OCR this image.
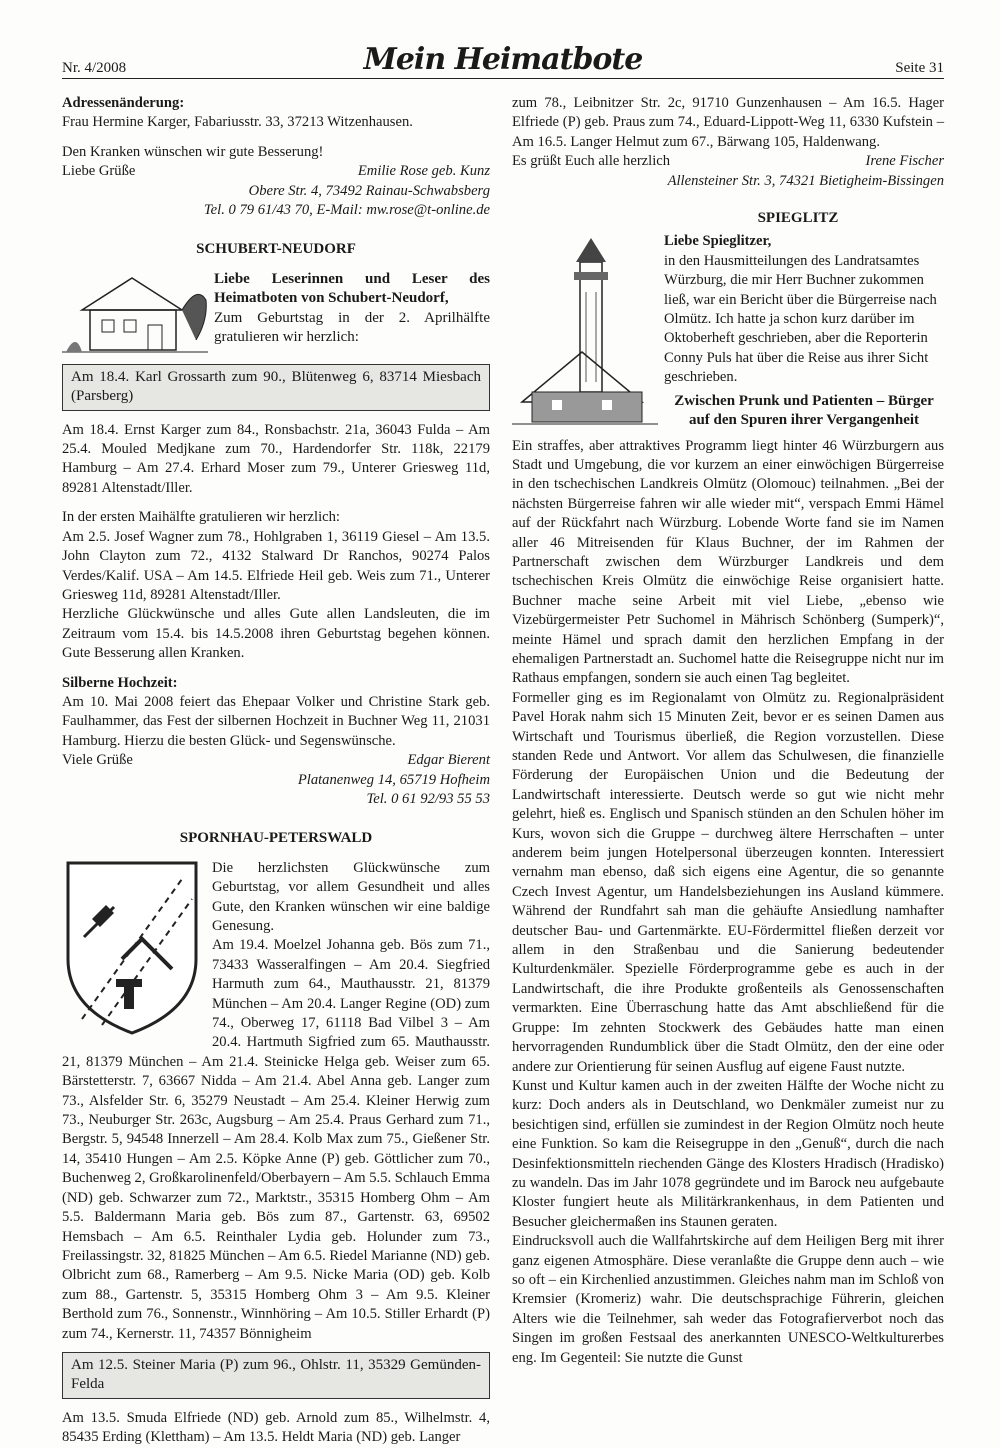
Nr. 4/2008	Mein Heimatbote	Seite 31

Adressenänderung:

Frau Hermine Karger, Fabariusstr. 33, 37213 Witzenhausen.

Den Kranken wünschen wir gute Besserung!

Liebe Grüße	Emilie Rose geb. Kunz

Obere Str. 4, 73492 Rainau-Schwabsberg

Tel. 0 79 61/43 70, E-Mail: mw.rose@t-online.de

SCHUBERT-NEUDORF

Liebe Leserinnen und Leser des Heimatboten von Schubert-Neudorf,

Zum Geburtstag in der 2. Aprilhälfte gratulieren wir herzlich:

Am 18.4. Karl Grossarth zum 90., Blütenweg 6, 83714 Miesbach (Parsberg)

Am 18.4. Ernst Karger zum 84., Ronsbachstr. 21a, 36043 Fulda – Am 25.4. Mouled Medjkane zum 70., Hardendorfer Str. 118k, 22179 Hamburg – Am 27.4. Erhard Moser zum 79., Unterer Griesweg 11d, 89281 Altenstadt/Iller.

In der ersten Maihälfte gratulieren wir herzlich:

Am 2.5. Josef Wagner zum 78., Hohlgraben 1, 36119 Giesel – Am 13.5. John Clayton zum 72., 4132 Stalward Dr Ranchos, 90274 Palos Verdes/Kalif. USA – Am 14.5. Elfriede Heil geb. Weis zum 71., Unterer Griesweg 11d, 89281 Altenstadt/Iller.

Herzliche Glückwünsche und alles Gute allen Landsleuten, die im Zeitraum vom 15.4. bis 14.5.2008 ihren Geburtstag begehen können. Gute Besserung allen Kranken.

Silberne Hochzeit:

Am 10. Mai 2008 feiert das Ehepaar Volker und Christine Stark geb. Faulhammer, das Fest der silbernen Hochzeit in Buchner Weg 11, 21031 Hamburg. Hierzu die besten Glück- und Segenswünsche.

Viele Grüße	Edgar Bierent

Platanenweg 14, 65719 Hofheim

Tel. 0 61 92/93 55 53

SPORNHAU-PETERSWALD

Die herzlichsten Glückwünsche zum Geburtstag, vor allem Gesundheit und alles Gute, den Kranken wünschen wir eine baldige Genesung.

Am 19.4. Moelzel Johanna geb. Bös zum 71., 73433 Wasseralfingen – Am 20.4. Siegfried Harmuth zum 64., Mauthausstr. 21, 81379 München – Am 20.4. Langer Regine (OD) zum 74., Oberweg 17, 61118 Bad Vilbel 3 – Am 20.4. Hartmuth Sigfried zum 65. Mauthausstr. 21, 81379 München – Am 21.4. Steinicke Helga geb. Weiser zum 65. Bärstetterstr. 7, 63667 Nidda – Am 21.4. Abel Anna geb. Langer zum 73., Alsfelder Str. 6, 35279 Neustadt – Am 25.4. Kleiner Herwig zum 73., Neuburger Str. 263c, Augsburg – Am 25.4. Praus Gerhard zum 71., Bergstr. 5, 94548 Innerzell – Am 28.4. Kolb Max zum 75., Gießener Str. 14, 35410 Hungen – Am 2.5. Köpke Anne (P) geb. Göttlicher zum 70., Buchenweg 2, Großkarolinenfeld/Oberbayern – Am 5.5. Schlauch Emma (ND) geb. Schwarzer zum 72., Marktstr., 35315 Homberg Ohm – Am 5.5. Baldermann Maria geb. Bös zum 87., Gartenstr. 63, 69502 Hemsbach – Am 6.5. Reinthaler Lydia geb. Holunder zum 73., Freilassingstr. 32, 81825 München – Am 6.5. Riedel Marianne (ND) geb. Olbricht zum 68., Ramerberg – Am 9.5. Nicke Maria (OD) geb. Kolb zum 88., Gartenstr. 5, 35315 Homberg Ohm 3 – Am 9.5. Kleiner Berthold zum 76., Sonnenstr., Winnhöring – Am 10.5. Stiller Erhardt (P) zum 74., Kernerstr. 11, 74357 Bönnigheim

Am 12.5. Steiner Maria (P) zum 96., Ohlstr. 11, 35329 Gemünden-Felda

Am 13.5. Smuda Elfriede (ND) geb. Arnold zum 85., Wilhelmstr. 4, 85435 Erding (Klettham) – Am 13.5. Heldt Maria (ND) geb. Langer

zum 78., Leibnitzer Str. 2c, 91710 Gunzenhausen – Am 16.5. Hager Elfriede (P) geb. Praus zum 74., Eduard-Lippott-Weg 11, 6330 Kufstein – Am 16.5. Langer Helmut zum 67., Bärwang 105, Haldenwang.

Es grüßt Euch alle herzlich	Irene Fischer

Allensteiner Str. 3, 74321 Bietigheim-Bissingen

SPIEGLITZ

Liebe Spieglitzer,

in den Hausmitteilungen des Landratsamtes Würzburg, die mir Herr Buchner zukommen ließ, war ein Bericht über die Bürgerreise nach Olmütz. Ich hatte ja schon kurz darüber im Oktoberheft geschrieben, aber die Reporterin Conny Puls hat über die Reise aus ihrer Sicht geschrieben.

Zwischen Prunk und Patienten – Bürger auf den Spuren ihrer Vergangenheit

Ein straffes, aber attraktives Programm liegt hinter 46 Würzburgern aus Stadt und Umgebung, die vor kurzem an einer einwöchigen Bürgerreise in den tschechischen Landkreis Olmütz (Olomouc) teilnahmen. „Bei der nächsten Bürgerreise fahren wir alle wieder mit“, verspach Emmi Hämel auf der Rückfahrt nach Würzburg. Lobende Worte fand sie im Namen aller 46 Mitreisenden für Klaus Buchner, der im Rahmen der Partnerschaft zwischen dem Würzburger Landkreis und dem tschechischen Kreis Olmütz die einwöchige Reise organisiert hatte. Buchner mache seine Arbeit mit viel Liebe, „ebenso wie Vizebürgermeister Petr Suchomel in Mährisch Schönberg (Sumperk)“, meinte Hämel und sprach damit den herzlichen Empfang in der ehemaligen Partnerstadt an. Suchomel hatte die Reisegruppe nicht nur im Rathaus empfangen, sondern sie auch einen Tag begleitet.

Formeller ging es im Regionalamt von Olmütz zu. Regionalpräsident Pavel Horak nahm sich 15 Minuten Zeit, bevor er es seinen Damen aus Wirtschaft und Tourismus überließ, die Region vorzustellen. Diese standen Rede und Antwort. Vor allem das Schulwesen, die finanzielle Förderung der Europäischen Union und die Bedeutung der Landwirtschaft interessierte. Deutsch werde so gut wie nicht mehr gelehrt, hieß es. Englisch und Spanisch stünden an den Schulen höher im Kurs, wovon sich die Gruppe – durchweg ältere Herrschaften – unter anderem beim jungen Hotelpersonal überzeugen konnten. Interessiert vernahm man ebenso, daß sich eigens eine Agentur, die so genannte Czech Invest Agentur, um Handelsbeziehungen ins Ausland kümmere. Während der Rundfahrt sah man die gehäufte Ansiedlung namhafter deutscher Bau- und Gartenmärkte. EU-Fördermittel fließen derzeit vor allem in den Straßenbau und die Sanierung bedeutender Kulturdenkmäler. Spezielle Förderprogramme gebe es auch in der Landwirtschaft, die ihre Produkte großenteils als Genossenschaften vermarkten. Eine Überraschung hatte das Amt abschließend für die Gruppe: Im zehnten Stockwerk des Gebäudes hatte man einen hervorragenden Rundumblick über die Stadt Olmütz, den der eine oder andere zur Orientierung für seinen Ausflug auf eigene Faust nutzte.

Kunst und Kultur kamen auch in der zweiten Hälfte der Woche nicht zu kurz: Doch anders als in Deutschland, wo Denkmäler zumeist nur zu besichtigen sind, erfüllen sie zumindest in der Region Olmütz noch heute eine Funktion. So kam die Reisegruppe in den „Genuß“, durch die nach Desinfektionsmitteln riechenden Gänge des Klosters Hradisch (Hradisko) zu wandeln. Das im Jahr 1078 gegründete und im Barock neu aufgebaute Kloster fungiert heute als Militärkrankenhaus, in dem Patienten und Besucher gleichermaßen ins Staunen geraten.

Eindrucksvoll auch die Wallfahrtskirche auf dem Heiligen Berg mit ihrer ganz eigenen Atmosphäre. Diese veranlaßte die Gruppe denn auch – wie so oft – ein Kirchenlied anzustimmen. Gleiches nahm man im Schloß von Kremsier (Kromeriz) wahr. Die deutschsprachige Führerin, gleichen Alters wie die Teilnehmer, sah weder das Fotografierverbot noch das Singen im großen Festsaal des anerkannten UNESCO-Weltkulturerbes eng. Im Gegenteil: Sie nutzte die Gunst
